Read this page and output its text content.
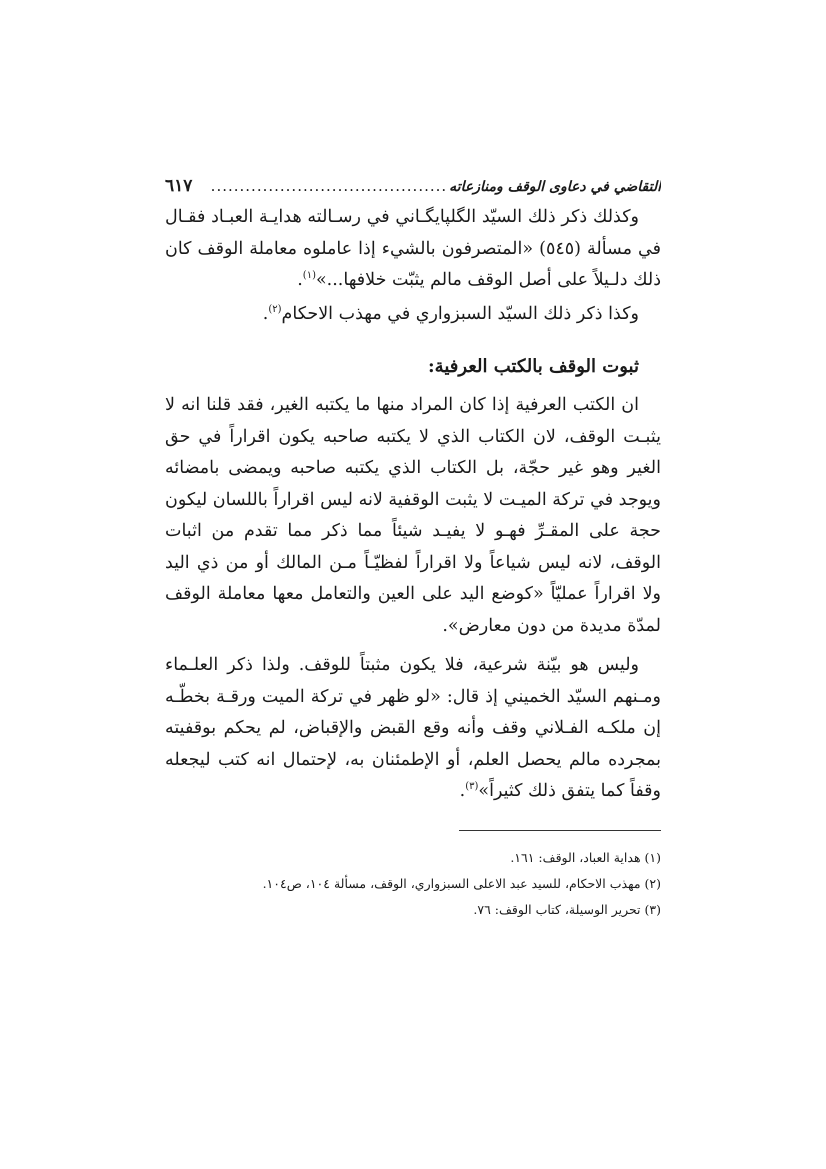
التقاضي في دعاوى الوقف ومنازعاته
.........................................
٦١٧

وكذلك ذكر ذلك السيّد الگلپايگـاني في رسـالته هدايـة العبـاد فقـال في مسألة (٥٤٥) «المتصرفون بالشيء إذا عاملوه معاملة الوقف كان ذلك دلـيلاً على أصل الوقف مالم يثبّت خلافها...»$^{(١)}$.

وكذا ذكر ذلك السيّد السبزواري في مهذب الاحكام$^{(٢)}$.

ثبوت الوقف بالكتب العرفية:

ان الكتب العرفية إذا كان المراد منها ما يكتبه الغير، فقد قلنا انه لا يثبـت الوقف، لان الكتاب الذي لا يكتبه صاحبه يكون اقراراً في حق الغير وهو غير حجّة، بل الكتاب الذي يكتبه صاحبه ويمضى بامضائه ويوجد في تركة الميـت لا يثبت الوقفية لانه ليس اقراراً باللسان ليكون حجة على المقـرِّ فهـو لا يفيـد شيئاً مما ذكر مما تقدم من اثبات الوقف، لانه ليس شياعاً ولا اقراراً لفظيّـاً مـن المالك أو من ذي اليد ولا اقراراً عمليّاً «كوضع اليد على العين والتعامل معها معاملة الوقف لمدّة مديدة من دون معارض».

وليس هو بيّنة شرعية، فلا يكون مثبتاً للوقف. ولذا ذكر العلـماء ومـنهم السيّد الخميني إذ قال: «لو ظهر في تركة الميت ورقـة بخطّـه إن ملكـه الفـلاني وقف وأنه وقع القبض والإقباض، لم يحكم بوقفيته بمجرده مالم يحصل العلم، أو الإطمئنان به، لإحتمال انه كتب ليجعله وقفاً كما يتفق ذلك كثيراً»$^{(٣)}$.

(١) هداية العباد، الوقف: ١٦١.

(٢) مهذب الاحكام، للسيد عبد الاعلى السبزواري، الوقف، مسألة ١٠٤، ص١٠٤.

(٣) تحرير الوسيلة، كتاب الوقف: ٧٦.
